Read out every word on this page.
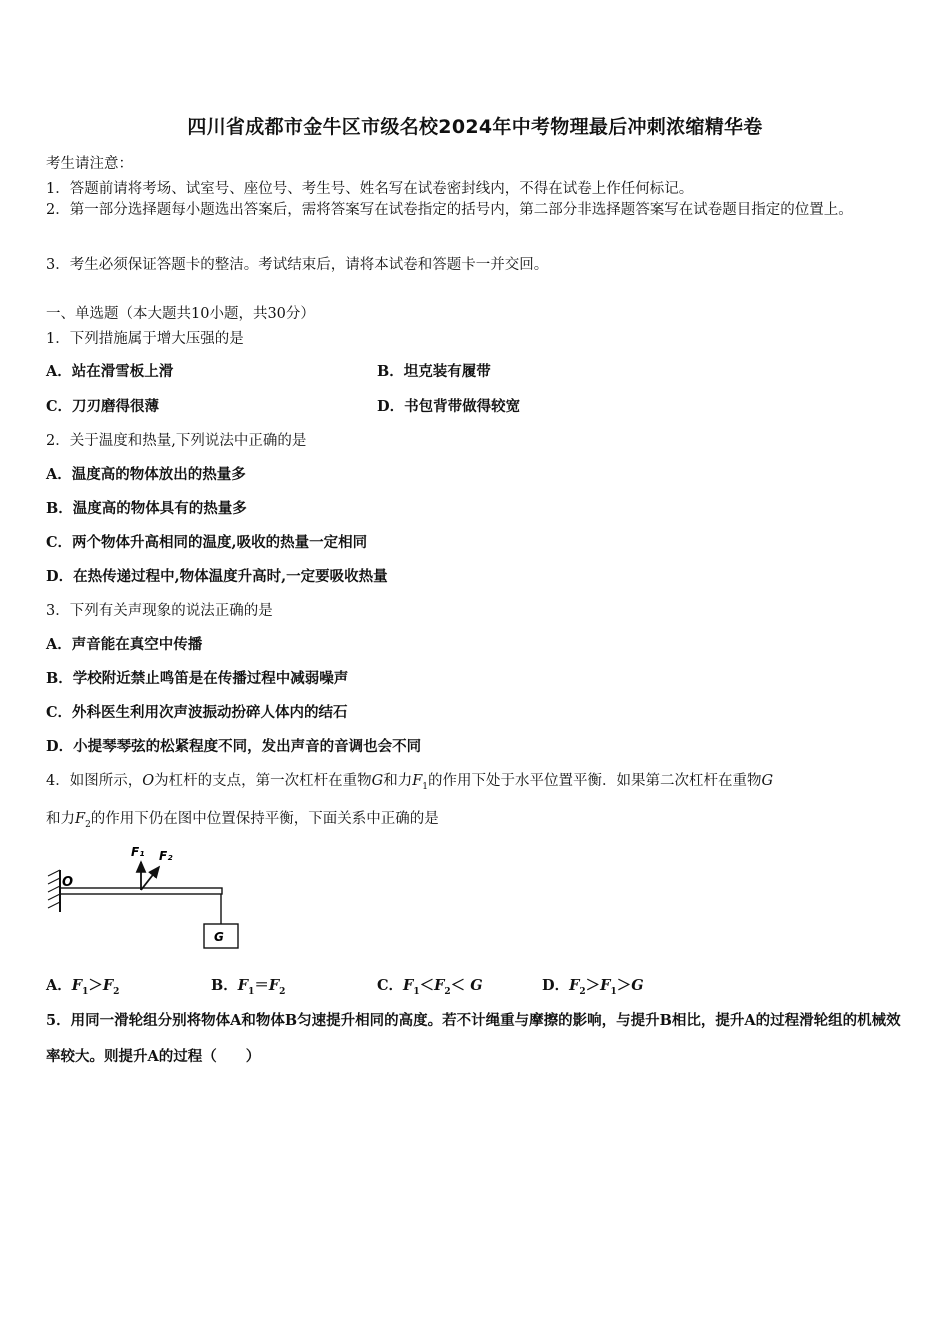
四川省成都市金牛区市级名校2024年中考物理最后冲刺浓缩精华卷
考生请注意：
1．答题前请将考场、试室号、座位号、考生号、姓名写在试卷密封线内，不得在试卷上作任何标记。
2．第一部分选择题每小题选出答案后，需将答案写在试卷指定的括号内，第二部分非选择题答案写在试卷题目指定的位置上。
3．考生必须保证答题卡的整洁。考试结束后，请将本试卷和答题卡一并交回。
一、单选题（本大题共10小题，共30分）
1．下列措施属于增大压强的是
A．站在滑雪板上滑	B．坦克装有履带
C．刀刃磨得很薄	D．书包背带做得较宽
2．关于温度和热量,下列说法中正确的是
A．温度高的物体放出的热量多
B．温度高的物体具有的热量多
C．两个物体升高相同的温度,吸收的热量一定相同
D．在热传递过程中,物体温度升高时,一定要吸收热量
3．下列有关声现象的说法正确的是
A．声音能在真空中传播
B．学校附近禁止鸣笛是在传播过程中减弱噪声
C．外科医生利用次声波振动扮碎人体内的结石
D．小提琴琴弦的松紧程度不同，发出声音的音调也会不同
4．如图所示，O为杠杆的支点，第一次杠杆在重物G和力$F_1$的作用下处于水平位置平衡．如果第二次杠杆在重物G
和力$F_2$的作用下仍在图中位置保持平衡，下面关系中正确的是
O
F₁ F₂
G
A．$F_1>F_2$	B．$F_1=F_2$	C．$F_1<F_2< G$	D．$F_2>F_1>G$
5．用同一滑轮组分别将物体A和物体B匀速提升相同的高度。若不计绳重与摩擦的影响，与提升B相比，提升A的过程滑轮组的机械效率较大。则提升A的过程（　　）
